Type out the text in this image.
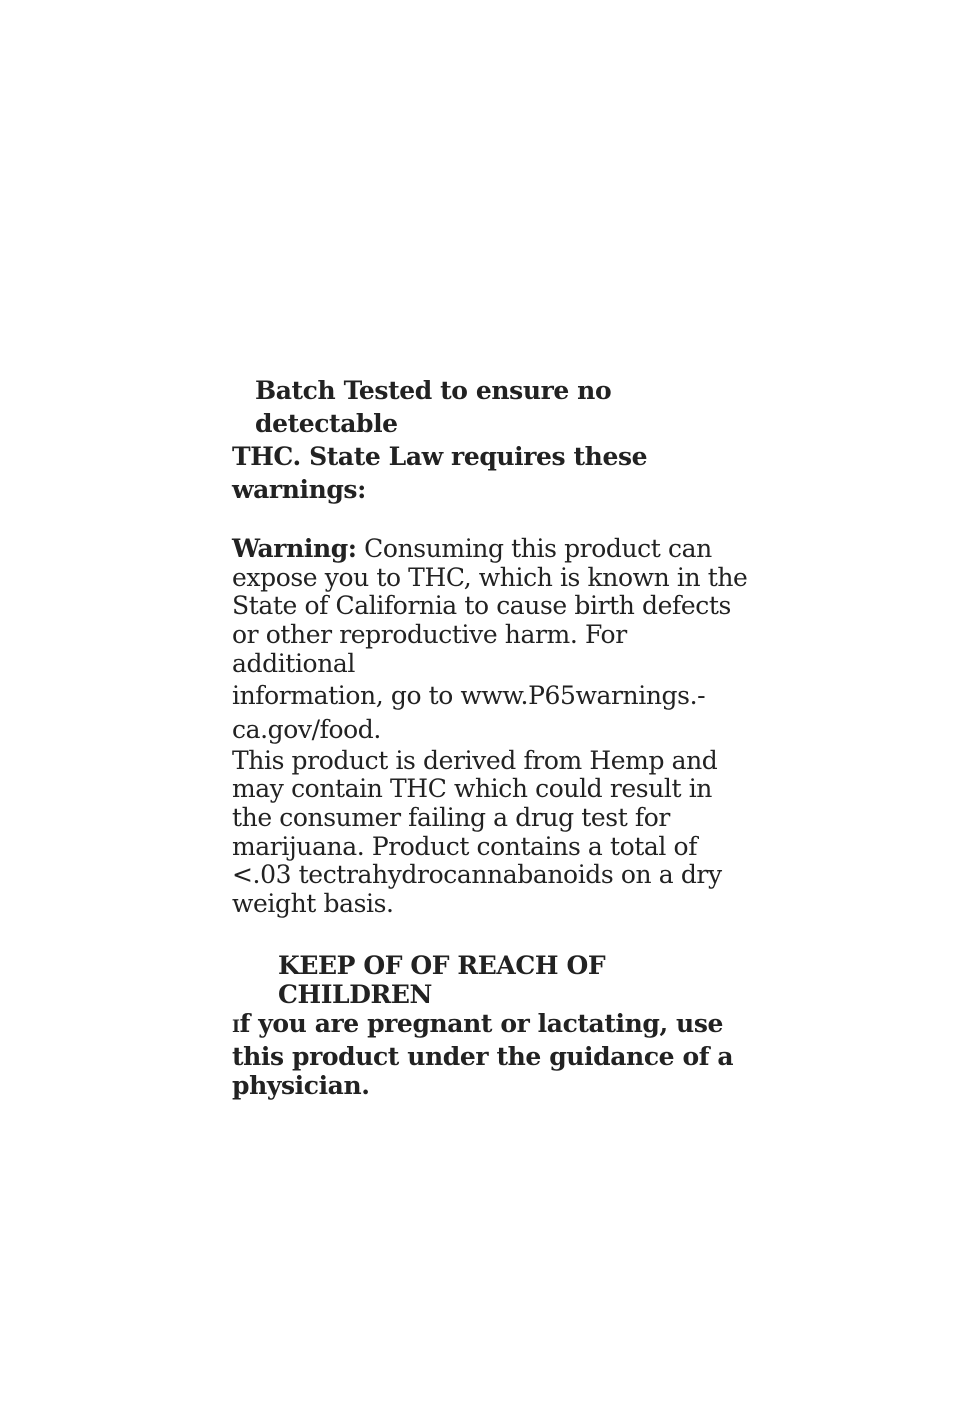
Batch Tested to ensure no detectable
THC. State Law requires these warnings:

Warning: Consuming this product can expose you to THC, which is known in the State of California to cause birth defects or other reproductive harm. For additional

information, go to www.P65warnings.-
ca.gov/food.

This product is derived from Hemp and may contain THC which could result in the consumer failing a drug test for marijuana. Product contains a total of <.03 tectrahydrocannabanoids on a dry weight basis.

KEEP OF OF REACH OF CHILDREN
If you are pregnant or lactating, use this product under the guidance of a physician.
